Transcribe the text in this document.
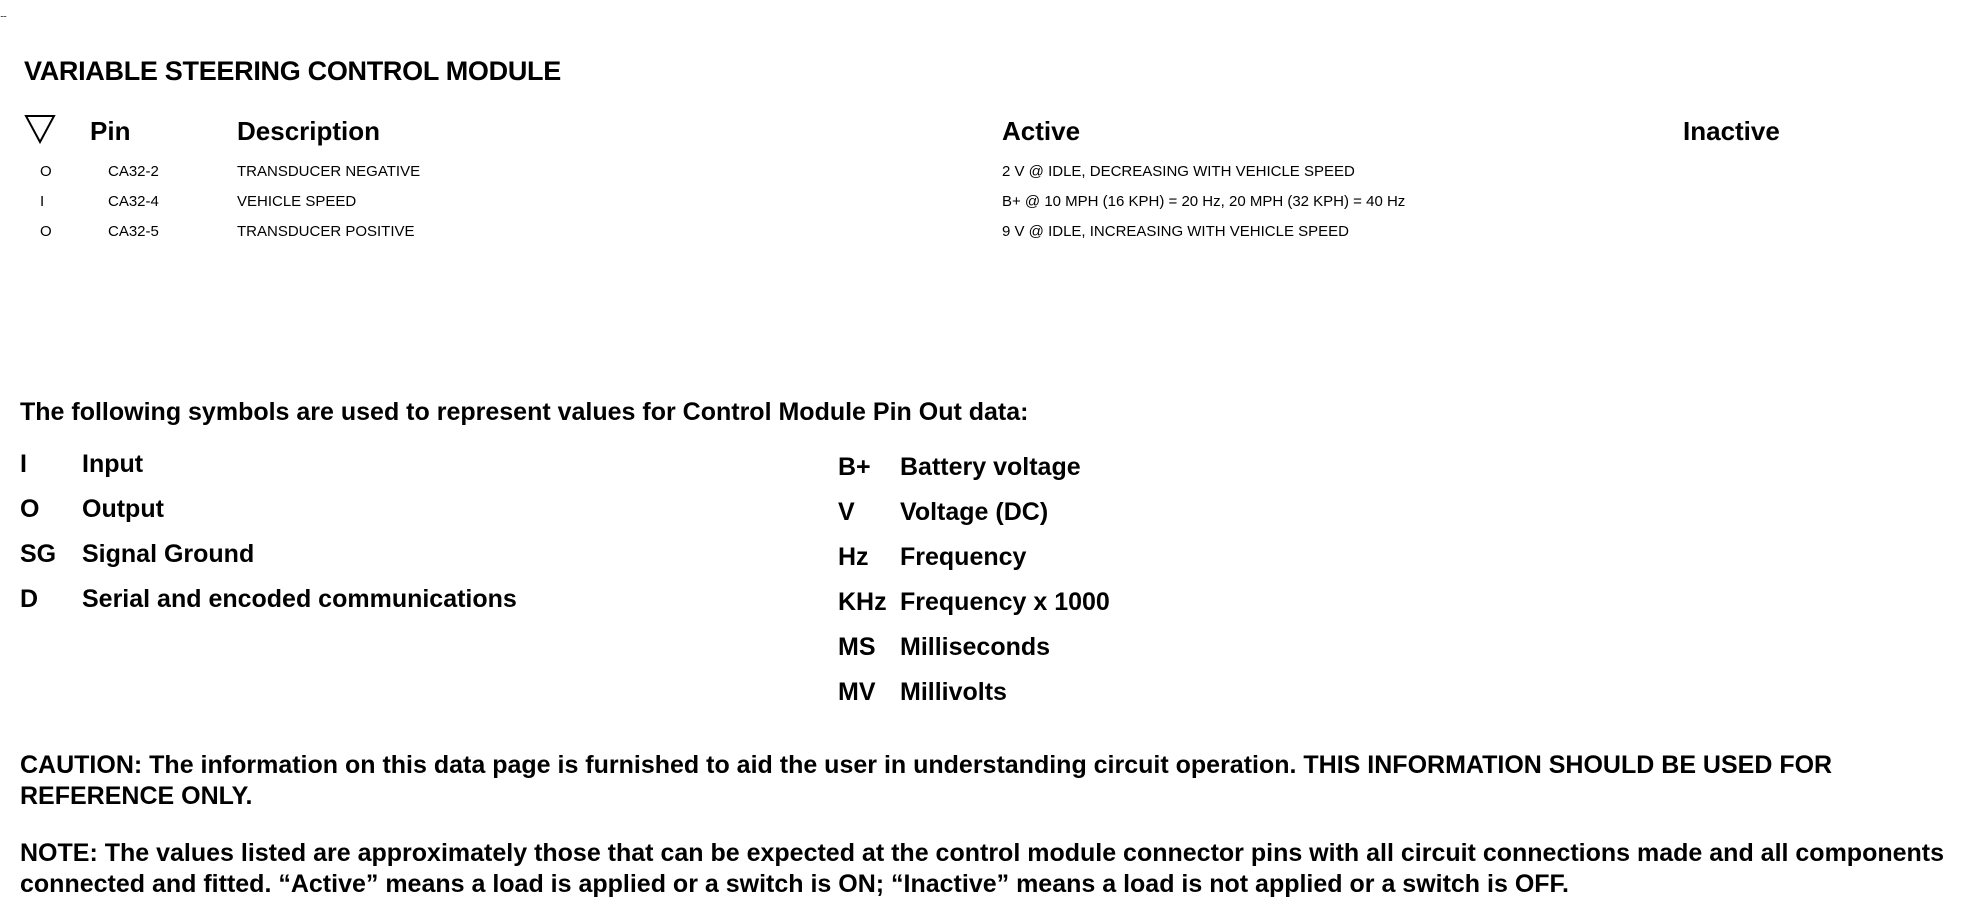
....
VARIABLE STEERING CONTROL MODULE
Pin	Description	Active	Inactive
O	CA32-2	TRANSDUCER NEGATIVE	2 V @ IDLE, DECREASING WITH VEHICLE SPEED
I	CA32-4	VEHICLE SPEED	B+ @ 10 MPH (16 KPH) = 20 Hz, 20 MPH (32 KPH) = 40 Hz
O	CA32-5	TRANSDUCER POSITIVE	9 V @ IDLE, INCREASING WITH VEHICLE SPEED
The following symbols are used to represent values for Control Module Pin Out data:
I Input
O Output
SG Signal Ground
D Serial and encoded communications
B+ Battery voltage
V Voltage (DC)
Hz Frequency
KHz Frequency x 1000
MS Milliseconds
MV Millivolts
CAUTION: The information on this data page is furnished to aid the user in understanding circuit operation. THIS INFORMATION SHOULD BE USED FOR REFERENCE ONLY.
NOTE: The values listed are approximately those that can be expected at the control module connector pins with all circuit connections made and all components connected and fitted. “Active” means a load is applied or a switch is ON; “Inactive” means a load is not applied or a switch is OFF.
